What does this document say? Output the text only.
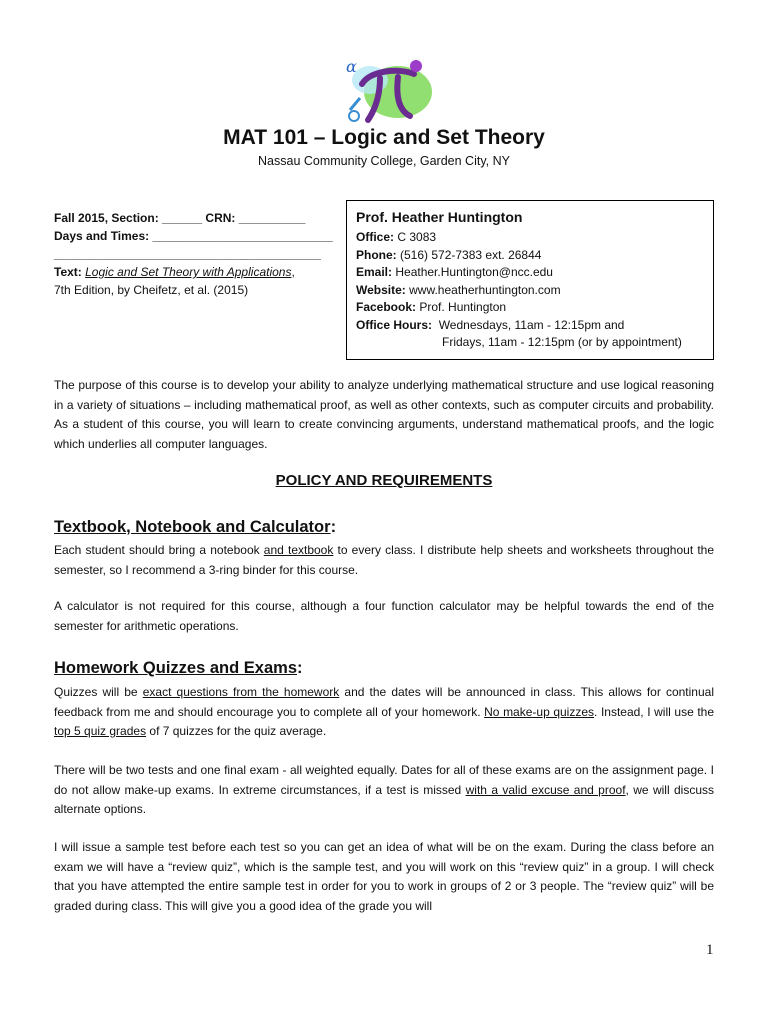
α
MAT 101 – Logic and Set Theory
Nassau Community College, Garden City, NY
Fall 2015, Section: ______ CRN: __________
Days and Times: ___________________________
________________________________________
Text: Logic and Set Theory with Applications,
7th Edition, by Cheifetz, et al. (2015)
Prof. Heather Huntington
Office: C 3083
Phone: (516) 572-7383 ext. 26844
Email: Heather.Huntington@ncc.edu
Website: www.heatherhuntington.com
Facebook: Prof. Huntington
Office Hours: Wednesdays, 11am - 12:15pm and
Fridays, 11am - 12:15pm (or by appointment)
The purpose of this course is to develop your ability to analyze underlying mathematical structure and use logical reasoning in a variety of situations – including mathematical proof, as well as other contexts, such as computer circuits and probability. As a student of this course, you will learn to create convincing arguments, understand mathematical proofs, and the logic which underlies all computer languages.
POLICY AND REQUIREMENTS
Textbook, Notebook and Calculator:
Each student should bring a notebook and textbook to every class. I distribute help sheets and worksheets throughout the semester, so I recommend a 3-ring binder for this course.
A calculator is not required for this course, although a four function calculator may be helpful towards the end of the semester for arithmetic operations.
Homework Quizzes and Exams:
Quizzes will be exact questions from the homework and the dates will be announced in class. This allows for continual feedback from me and should encourage you to complete all of your homework. No make-up quizzes. Instead, I will use the top 5 quiz grades of 7 quizzes for the quiz average.
There will be two tests and one final exam - all weighted equally. Dates for all of these exams are on the assignment page. I do not allow make-up exams. In extreme circumstances, if a test is missed with a valid excuse and proof, we will discuss alternate options.
I will issue a sample test before each test so you can get an idea of what will be on the exam. During the class before an exam we will have a “review quiz”, which is the sample test, and you will work on this “review quiz” in a group. I will check that you have attempted the entire sample test in order for you to work in groups of 2 or 3 people. The “review quiz” will be graded during class. This will give you a good idea of the grade you will
1
